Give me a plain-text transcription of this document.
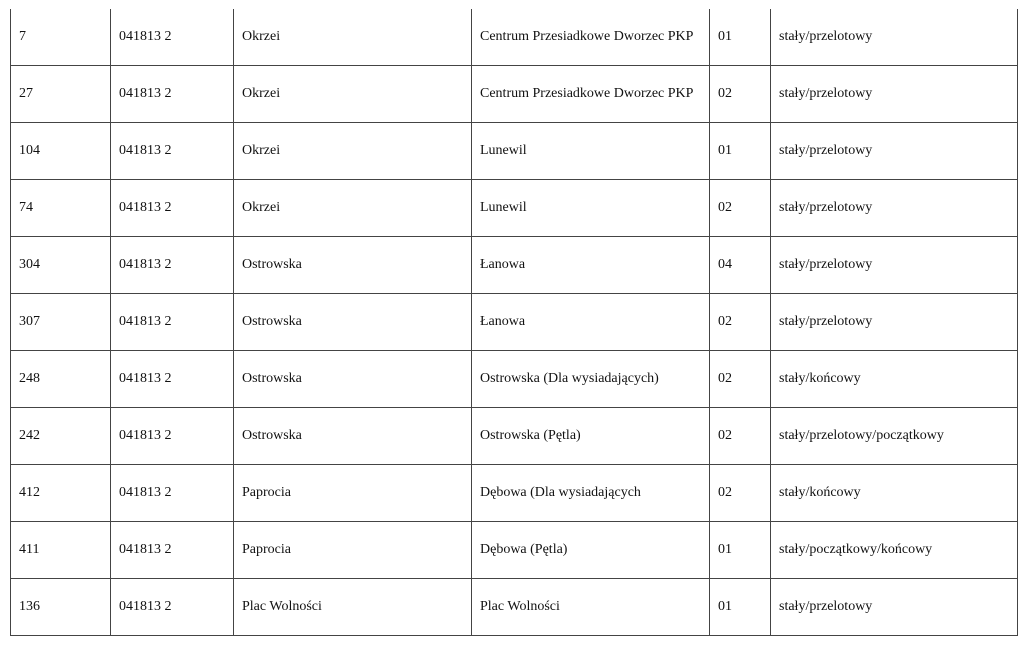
7	041813 2	Okrzei	Centrum Przesiadkowe Dworzec PKP	01	stały/przelotowy
27	041813 2	Okrzei	Centrum Przesiadkowe Dworzec PKP	02	stały/przelotowy
104	041813 2	Okrzei	Lunewil	01	stały/przelotowy
74	041813 2	Okrzei	Lunewil	02	stały/przelotowy
304	041813 2	Ostrowska	Łanowa	04	stały/przelotowy
307	041813 2	Ostrowska	Łanowa	02	stały/przelotowy
248	041813 2	Ostrowska	Ostrowska (Dla wysiadających)	02	stały/końcowy
242	041813 2	Ostrowska	Ostrowska (Pętla)	02	stały/przelotowy/początkowy
412	041813 2	Paprocia	Dębowa (Dla wysiadających	02	stały/końcowy
411	041813 2	Paprocia	Dębowa (Pętla)	01	stały/początkowy/końcowy
136	041813 2	Plac Wolności	Plac Wolności	01	stały/przelotowy
